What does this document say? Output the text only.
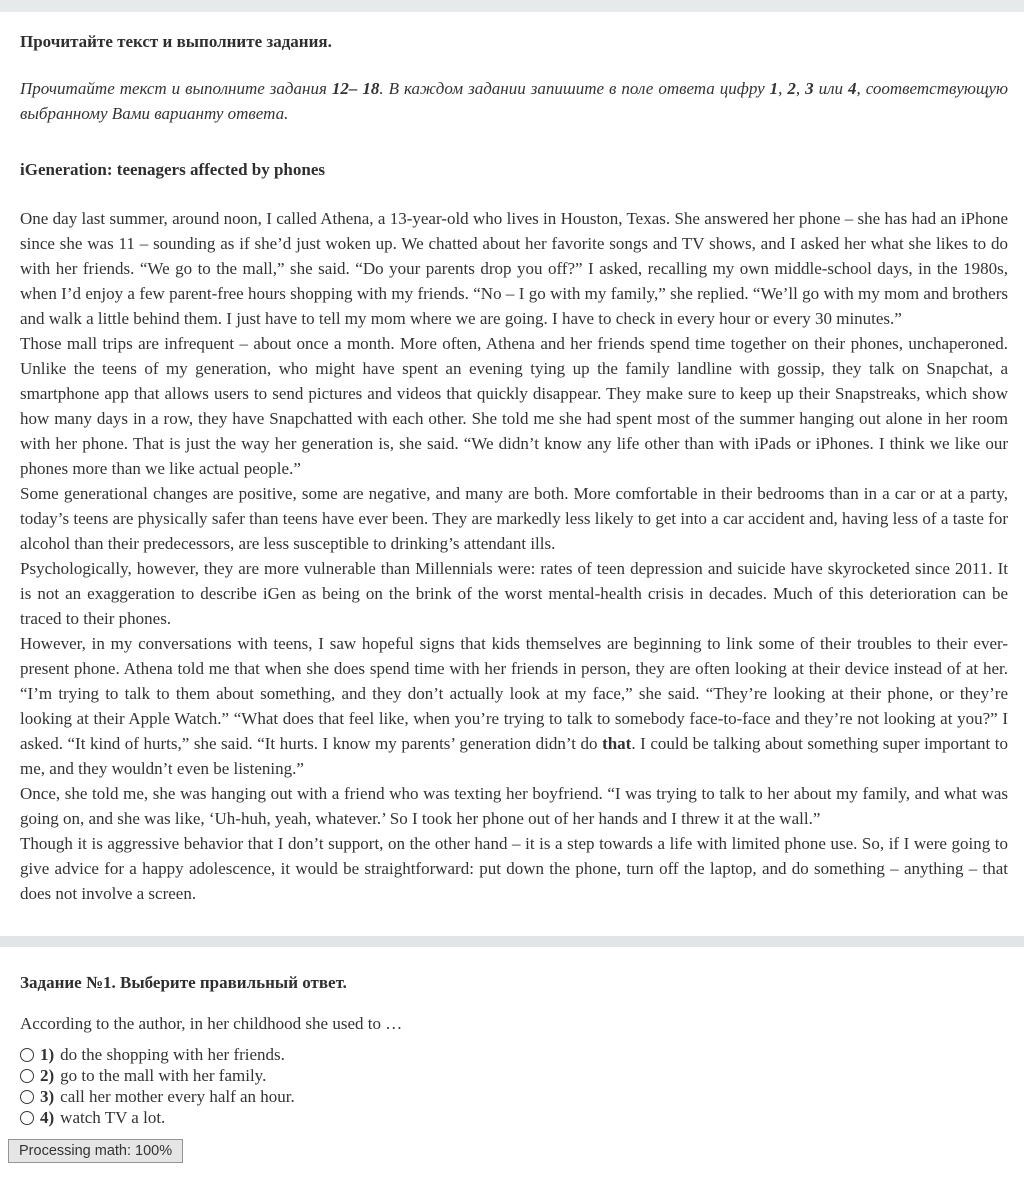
Прочитайте текст и выполните задания.

Прочитайте текст и выполните задания 12– 18. В каждом задании запишите в поле ответа цифру 1, 2, 3 или 4, соответствующую выбранному Вами варианту ответа.

iGeneration: teenagers affected by phones

One day last summer, around noon, I called Athena, a 13-year-old who lives in Houston, Texas. She answered her phone – she has had an iPhone since she was 11 – sounding as if she’d just woken up. We chatted about her favorite songs and TV shows, and I asked her what she likes to do with her friends. “We go to the mall,” she said. “Do your parents drop you off?” I asked, recalling my own middle-school days, in the 1980s, when I’d enjoy a few parent-free hours shopping with my friends. “No – I go with my family,” she replied. “We’ll go with my mom and brothers and walk a little behind them. I just have to tell my mom where we are going. I have to check in every hour or every 30 minutes.”

Those mall trips are infrequent – about once a month. More often, Athena and her friends spend time together on their phones, unchaperoned. Unlike the teens of my generation, who might have spent an evening tying up the family landline with gossip, they talk on Snapchat, a smartphone app that allows users to send pictures and videos that quickly disappear. They make sure to keep up their Snapstreaks, which show how many days in a row, they have Snapchatted with each other. She told me she had spent most of the summer hanging out alone in her room with her phone. That is just the way her generation is, she said. “We didn’t know any life other than with iPads or iPhones. I think we like our phones more than we like actual people.”

Some generational changes are positive, some are negative, and many are both. More comfortable in their bedrooms than in a car or at a party, today’s teens are physically safer than teens have ever been. They are markedly less likely to get into a car accident and, having less of a taste for alcohol than their predecessors, are less susceptible to drinking’s attendant ills.

Psychologically, however, they are more vulnerable than Millennials were: rates of teen depression and suicide have skyrocketed since 2011. It is not an exaggeration to describe iGen as being on the brink of the worst mental-health crisis in decades. Much of this deterioration can be traced to their phones.

However, in my conversations with teens, I saw hopeful signs that kids themselves are beginning to link some of their troubles to their ever-present phone. Athena told me that when she does spend time with her friends in person, they are often looking at their device instead of at her. “I’m trying to talk to them about something, and they don’t actually look at my face,” she said. “They’re looking at their phone, or they’re looking at their Apple Watch.” “What does that feel like, when you’re trying to talk to somebody face-to-face and they’re not looking at you?” I asked. “It kind of hurts,” she said. “It hurts. I know my parents’ generation didn’t do that. I could be talking about something super important to me, and they wouldn’t even be listening.”

Once, she told me, she was hanging out with a friend who was texting her boyfriend. “I was trying to talk to her about my family, and what was going on, and she was like, ‘Uh-huh, yeah, whatever.’ So I took her phone out of her hands and I threw it at the wall.”

Though it is aggressive behavior that I don’t support, on the other hand – it is a step towards a life with limited phone use. So, if I were going to give advice for a happy adolescence, it would be straightforward: put down the phone, turn off the laptop, and do something – anything – that does not involve a screen.

Задание №1. Выберите правильный ответ.

According to the author, in her childhood she used to …

1) do the shopping with her friends.
2) go to the mall with her family.
3) call her mother every half an hour.
4) watch TV a lot.
Processing math: 100%
